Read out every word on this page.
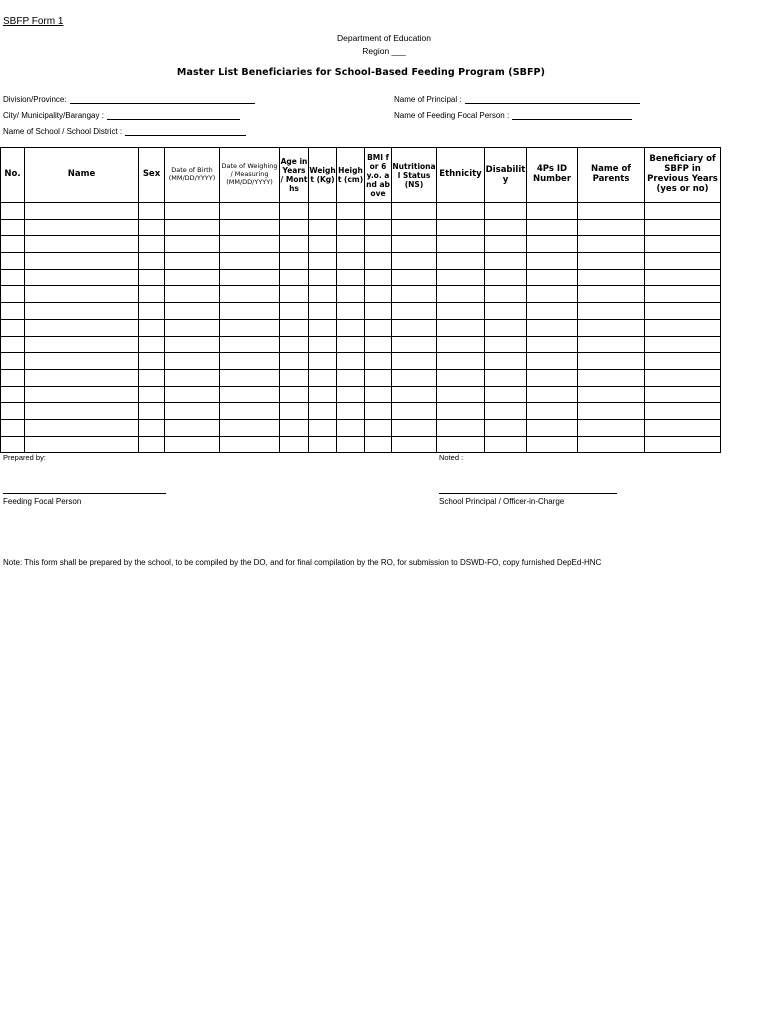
SBFP Form 1
Department of Education
Region ___
Master List Beneficiaries for School-Based Feeding Program (SBFP)
Division/Province:
City/ Municipality/Barangay :
Name of School / School District :
Name of Principal :
Name of Feeding Focal Person :
No.	Name	Sex	Date of Birth (MM/DD/YYYY)	Date of Weighing / Measuring (MM/DD/YYYY)	Age in Years / Months	Weight (Kg)	Height (cm)	BMI for 6 y.o. and above	Nutritional Status (NS)	Ethnicity	Disability	4Ps ID Number	Name of Parents	Beneficiary of SBFP in Previous Years (yes or no)

Prepared by:	Noted :
Feeding Focal Person	School Principal / Officer-in-Charge
Note: This form shall be prepared by the school, to be compiled by the DO, and for final compilation by the RO, for submission to DSWD-FO, copy furnished DepEd-HNC
